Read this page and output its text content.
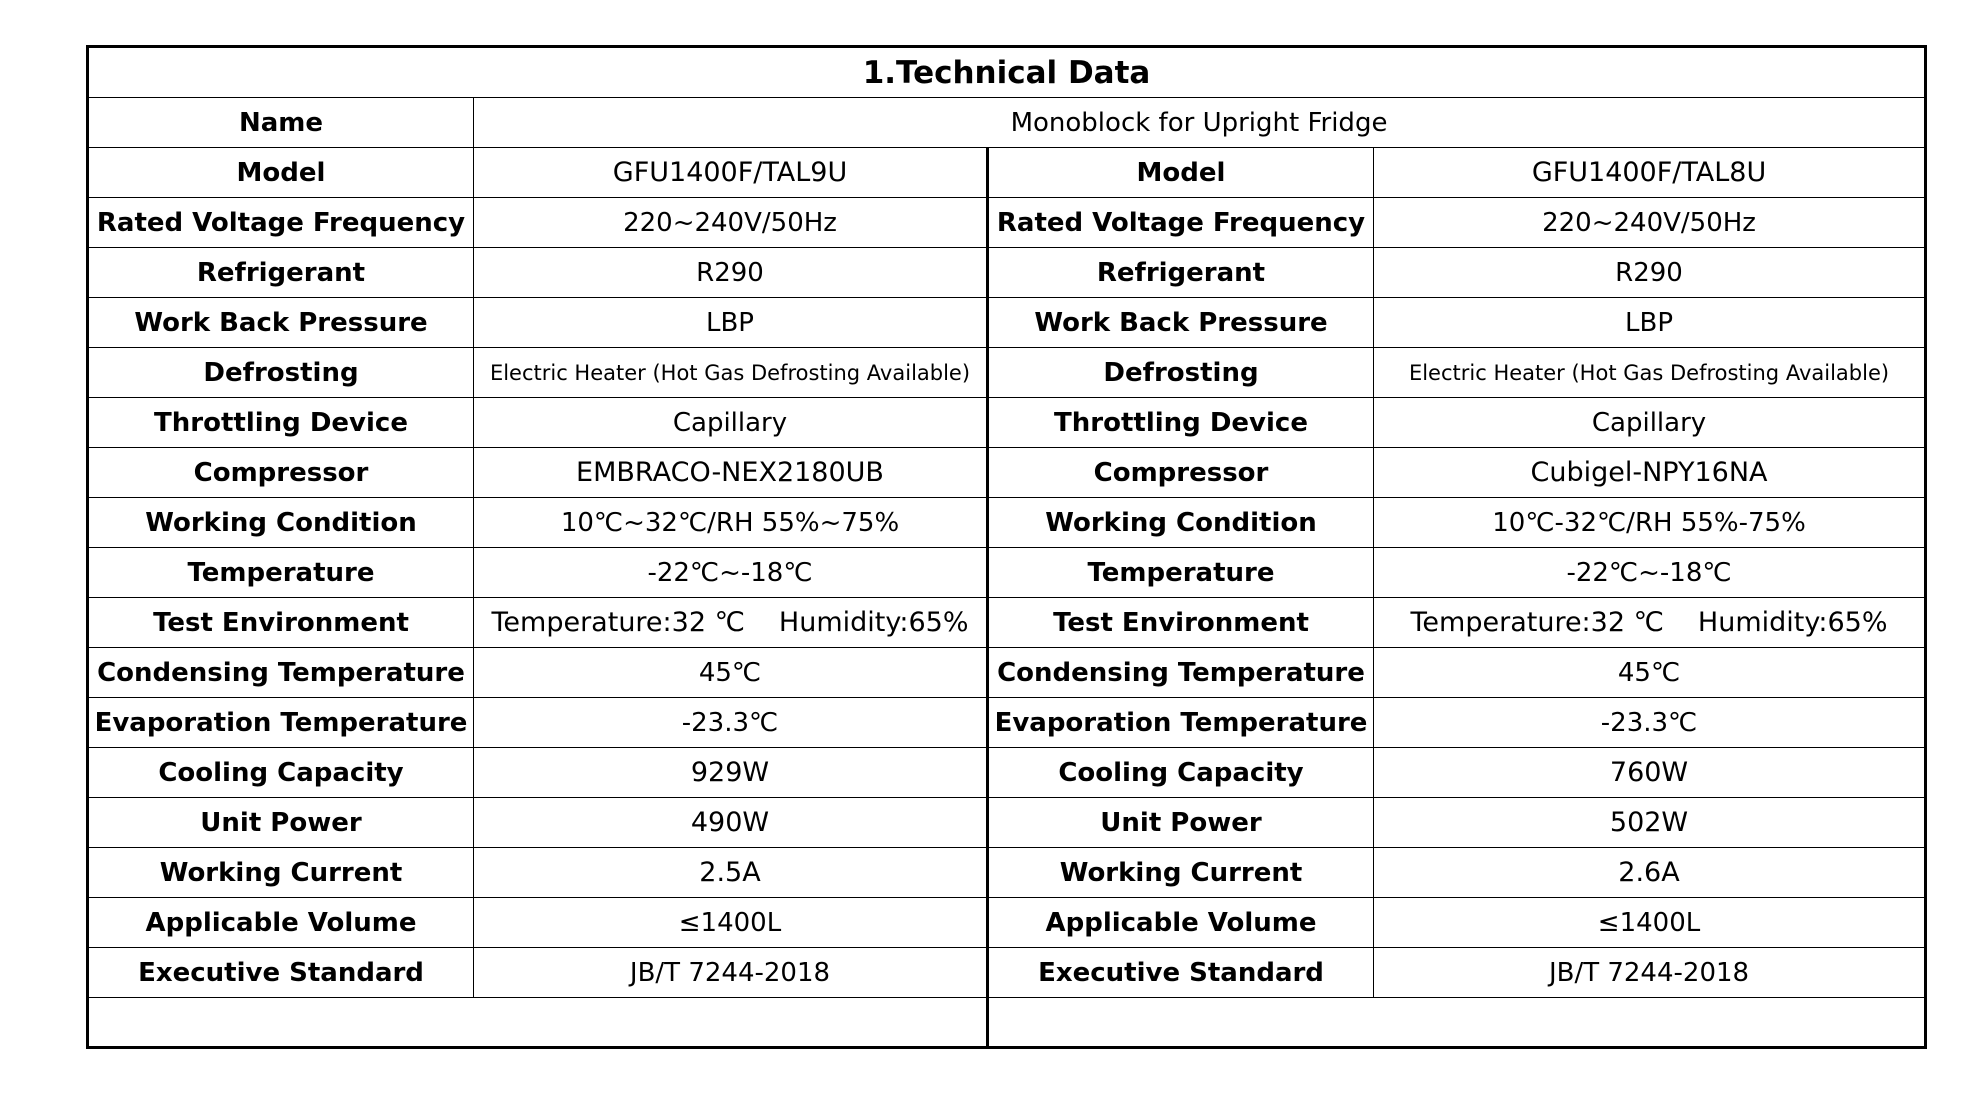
1.Technical Data			
Name	Monoblock for Upright Fridge		
Model	GFU1400F/TAL9U	Model	GFU1400F/TAL8U
Rated Voltage Frequency	220~240V/50Hz	Rated Voltage Frequency	220~240V/50Hz
Refrigerant	R290	Refrigerant	R290
Work Back Pressure	LBP	Work Back Pressure	LBP
Defrosting	Electric Heater (Hot Gas Defrosting Available)	Defrosting	Electric Heater (Hot Gas Defrosting Available)
Throttling Device	Capillary	Throttling Device	Capillary
Compressor	EMBRACO-NEX2180UB	Compressor	Cubigel-NPY16NA
Working Condition	10℃~32℃/RH 55%~75%	Working Condition	10℃-32℃/RH 55%-75%
Temperature	-22℃~-18℃	Temperature	-22℃~-18℃
Test Environment	Temperature:32 ℃ Humidity:65%	Test Environment	Temperature:32 ℃ Humidity:65%
Condensing Temperature	45℃	Condensing Temperature	45℃
Evaporation Temperature	-23.3℃	Evaporation Temperature	-23.3℃
Cooling Capacity	929W	Cooling Capacity	760W
Unit Power	490W	Unit Power	502W
Working Current	2.5A	Working Current	2.6A
Applicable Volume	≤1400L	Applicable Volume	≤1400L
Executive Standard	JB/T 7244-2018	Executive Standard	JB/T 7244-2018
